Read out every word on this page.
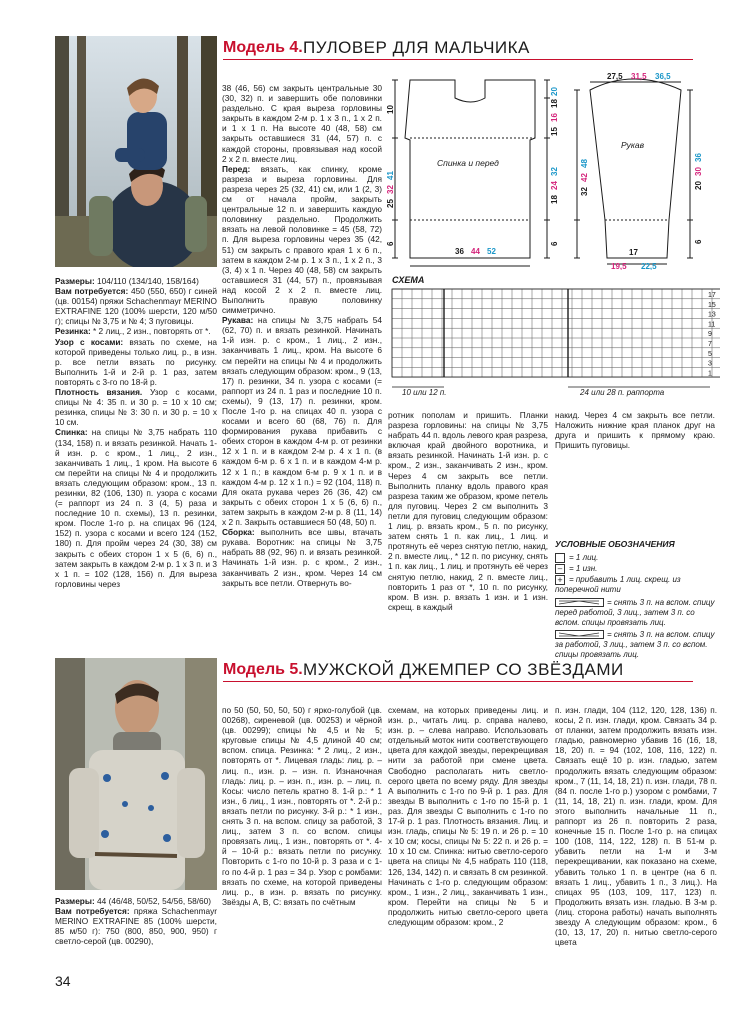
Модель 4. ПУЛОВЕР ДЛЯ МАЛЬЧИКА

Размеры: 104/110 (134/140, 158/164)

Вам потребуется: 450 (550, 650) г синей (цв. 00154) пряжи Schachenmayr MERINO EXTRAFINE 120 (100% шерсти, 120 м/50 г); спицы № 3,75 и № 4; 3 пуговицы.

Резинка: * 2 лиц., 2 изн., повторять от *.

Узор с косами: вязать по схеме, на которой приведены только лиц. р., в изн. р. все петли вязать по рисунку. Выполнить 1-й и 2-й р. 1 раз, затем повторять с 3-го по 18-й р.

Плотность вязания. Узор с косами, спицы № 4: 35 п. и 30 р. = 10 х 10 см; резинка, спицы № 3: 30 п. и 30 р. = 10 х 10 см.

Спинка: на спицы № 3,75 набрать 110 (134, 158) п. и вязать резинкой. Начать 1-й изн. р. с кром., 1 лиц., 2 изн., заканчивать 1 лиц., 1 кром. На высоте 6 см перейти на спицы № 4 и продолжить вязать следующим образом: кром., 13 п. резинки, 82 (106, 130) п. узора с косами (= раппорт из 24 п. 3 (4, 5) раза и последние 10 п. схемы), 13 п. резинки, кром. После 1-го р. на спицах 96 (124, 152) п. узора с косами и всего 124 (152, 180) п. Для пройм через 24 (30, 38) см закрыть с обеих сторон 1 х 5 (6, 6) п., затем закрыть в каждом 2-м р. 1 х 3 п. и 3 х 1 п. = 102 (128, 156) п. Для выреза горловины через

38 (46, 56) см закрыть центральные 30 (30, 32) п. и завершить обе половинки раздельно. С края выреза горловины закрыть в каждом 2-м р. 1 х 3 п., 1 х 2 п. и 1 х 1 п. На высоте 40 (48, 58) см закрыть оставшиеся 31 (44, 57) п. с каждой стороны, провязывая над косой 2 х 2 п. вместе лиц.

Перед: вязать, как спинку, кроме разреза и выреза горловины. Для разреза через 25 (32, 41) см, или 1 (2, 3) см от начала пройм, закрыть центральные 12 п. и завершить каждую половинку раздельно. Продолжить вязать на левой половинке = 45 (58, 72) п. Для выреза горловины через 35 (42, 51) см закрыть с правого края 1 х 6 п., затем в каждом 2-м р. 1 х 3 п., 1 х 2 п., 3 (3, 4) х 1 п. Через 40 (48, 58) см закрыть оставшиеся 31 (44, 57) п., провязывая над косой 2 х 2 п. вместе лиц. Выполнить правую половинку симметрично.

Рукава: на спицы № 3,75 набрать 54 (62, 70) п. и вязать резинкой. Начинать 1-й изн. р. с кром., 1 лиц., 2 изн., заканчивать 1 лиц., кром. На высоте 6 см перейти на спицы № 4 и продолжить вязать следующим образом: кром., 9 (13, 17) п. резинки, 34 п. узора с косами (= раппорт из 24 п. 1 раз и последние 10 п. схемы), 9 (13, 17) п. резинки, кром. После 1-го р. на спицах 40 п. узора с косами и всего 60 (68, 76) п. Для формирования рукава прибавить с обеих сторон в каждом 4-м р. от резинки 12 х 1 п. и в каждом 2-м р. 4 х 1 п. (в каждом 6-м р. 6 х 1 п. и в каждом 4-м р. 12 х 1 п.; в каждом 6-м р. 9 х 1 п. и в каждом 4-м р. 12 х 1 п.) = 92 (104, 118) п. Для оката рукава через 26 (36, 42) см закрыть с обеих сторон 1 х 5 (6, 6) п., затем закрыть в каждом 2-м р. 8 (11, 14) х 2 п. Закрыть оставшиеся 50 (48, 50) п.

Сборка: выполнить все швы, втачать рукава. Воротник: на спицы № 3,75 набрать 88 (92, 96) п. и вязать резинкой. Начинать 1-й изн. р. с кром., 2 изн., заканчивать 2 изн., кром. Через 14 см закрыть все петли. Отвернуть во-

Спинка и перед
Рукав
10
25
32
41
6
15
16
18
20
18
24
32
6
36 44 52
27,5 31,5 36,5
32
42
48
20
30
36
6
17
19,5 22,5
СХЕМА
17
15
13
11
9
7
5
3
1
10 или 12 п.	24 или 28 п. раппорта

ротник пополам и пришить. Планки разреза горловины: на спицы № 3,75 набрать 44 п. вдоль левого края разреза, включая край двойного воротника, и вязать резинкой. Начинать 1-й изн. р. с кром., 2 изн., заканчивать 2 изн., кром. Через 4 см закрыть все петли. Выполнить планку вдоль правого края разреза таким же образом, кроме петель для пуговиц. Через 2 см выполнить 3 петли для пуговиц следующим образом: 1 лиц. р. вязать кром., 5 п. по рисунку, затем снять 1 п. как лиц., 1 лиц. и протянуть её через снятую петлю, накид, 2 п. вместе лиц., * 12 п. по рисунку, снять 1 п. как лиц., 1 лиц. и протянуть её через снятую петлю, накид, 2 п. вместе лиц., повторить 1 раз от *, 10 п. по рисунку, кром. В изн. р. вязать 1 изн. и 1 изн. скрещ. в каждый

накид. Через 4 см закрыть все петли. Наложить нижние края планок друг на друга и пришить к прямому краю. Пришить пуговицы.

УСЛОВНЫЕ ОБОЗНАЧЕНИЯ
= 1 лиц.
– = 1 изн.
+ = прибавить 1 лиц. скрещ. из поперечной нити
= снять 3 п. на вспом. спицу перед работой, 3 лиц., затем 3 п. со вспом. спицы провязать лиц.
= снять 3 п. на вспом. спицу за работой, 3 лиц., затем 3 п. со вспом. спицы провязать лиц.
Модель 5. МУЖСКОЙ ДЖЕМПЕР СО ЗВЁЗДАМИ

Размеры: 44 (46/48, 50/52, 54/56, 58/60)

Вам потребуется: пряжа Schachenmayr MERINO EXTRAFINE 85 (100% шерсти, 85 м/50 г): 750 (800, 850, 900, 950) г светло-серой (цв. 00290),

по 50 (50, 50, 50, 50) г ярко-голубой (цв. 00268), сиреневой (цв. 00253) и чёрной (цв. 00299); спицы № 4,5 и № 5; круговые спицы № 4,5 длиной 40 см; вспом. спица. Резинка: * 2 лиц., 2 изн., повторять от *. Лицевая гладь: лиц. р. – лиц. п., изн. р. – изн. п. Изнаночная гладь: лиц. р. – изн. п., изн. р. – лиц. п. Косы: число петель кратно 8. 1-й р.: * 1 изн., 6 лиц., 1 изн., повторять от *. 2-й р.: вязать петли по рисунку. 3-й р.: * 1 изн., снять 3 п. на вспом. спицу за работой, 3 лиц., затем 3 п. со вспом. спицы провязать лиц., 1 изн., повторять от *. 4-й – 10-й р.: вязать петли по рисунку. Повторить с 1-го по 10-й р. 3 раза и с 1-го по 4-й р. 1 раз = 34 р. Узор с ромбами: вязать по схеме, на которой приведены лиц. р., в изн. р. вязать по рисунку. Звёзды А, В, С: вязать по счётным

схемам, на которых приведены лиц. и изн. р., читать лиц. р. справа налево, изн. р. – слева направо. Использовать отдельный моток нити соответствующего цвета для каждой звезды, перекрещивая нити за работой при смене цвета. Свободно располагать нить светло-серого цвета по всему ряду. Для звезды А выполнить с 1-го по 9-й р. 1 раз. Для звезды В выполнить с 1-го по 15-й р. 1 раз. Для звезды С выполнить с 1-го по 17-й р. 1 раз. Плотность вязания. Лиц. и изн. гладь, спицы № 5: 19 п. и 26 р. = 10 х 10 см; косы, спицы № 5: 22 п. и 26 р. = 10 х 10 см. Спинка: нитью светло-серого цвета на спицы № 4,5 набрать 110 (118, 126, 134, 142) п. и связать 8 см резинкой. Начинать с 1-го р. следующим образом: кром., 1 изн., 2 лиц., заканчивать 1 изн., кром. Перейти на спицы № 5 и продолжить нитью светло-серого цвета следующим образом: кром., 2

п. изн. глади, 104 (112, 120, 128, 136) п. косы, 2 п. изн. глади, кром. Связать 34 р. от планки, затем продолжить вязать изн. гладью, равномерно убавив 16 (16, 18, 18, 20) п. = 94 (102, 108, 116, 122) п. Связать ещё 10 р. изн. гладью, затем продолжить вязать следующим образом: кром., 7 (11, 14, 18, 21) п. изн. глади, 78 п. (84 п. после 1-го р.) узором с ромбами, 7 (11, 14, 18, 21) п. изн. глади, кром. Для этого выполнить начальные 11 п., раппорт из 26 п. повторить 2 раза, конечные 15 п. После 1-го р. на спицах 100 (108, 114, 122, 128) п. В 51-м р. убавить петли на 1-м и 3-м перекрещивании, как показано на схеме, убавить только 1 п. в центре (на 6 п. вязать 1 лиц., убавить 1 п., 3 лиц.). На спицах 95 (103, 109, 117, 123) п. Продолжить вязать изн. гладью. В 3-м р. (лиц. сторона работы) начать выполнять звезду А следующим образом: кром., 6 (10, 13, 17, 20) п. нитью светло-серого цвета

34
